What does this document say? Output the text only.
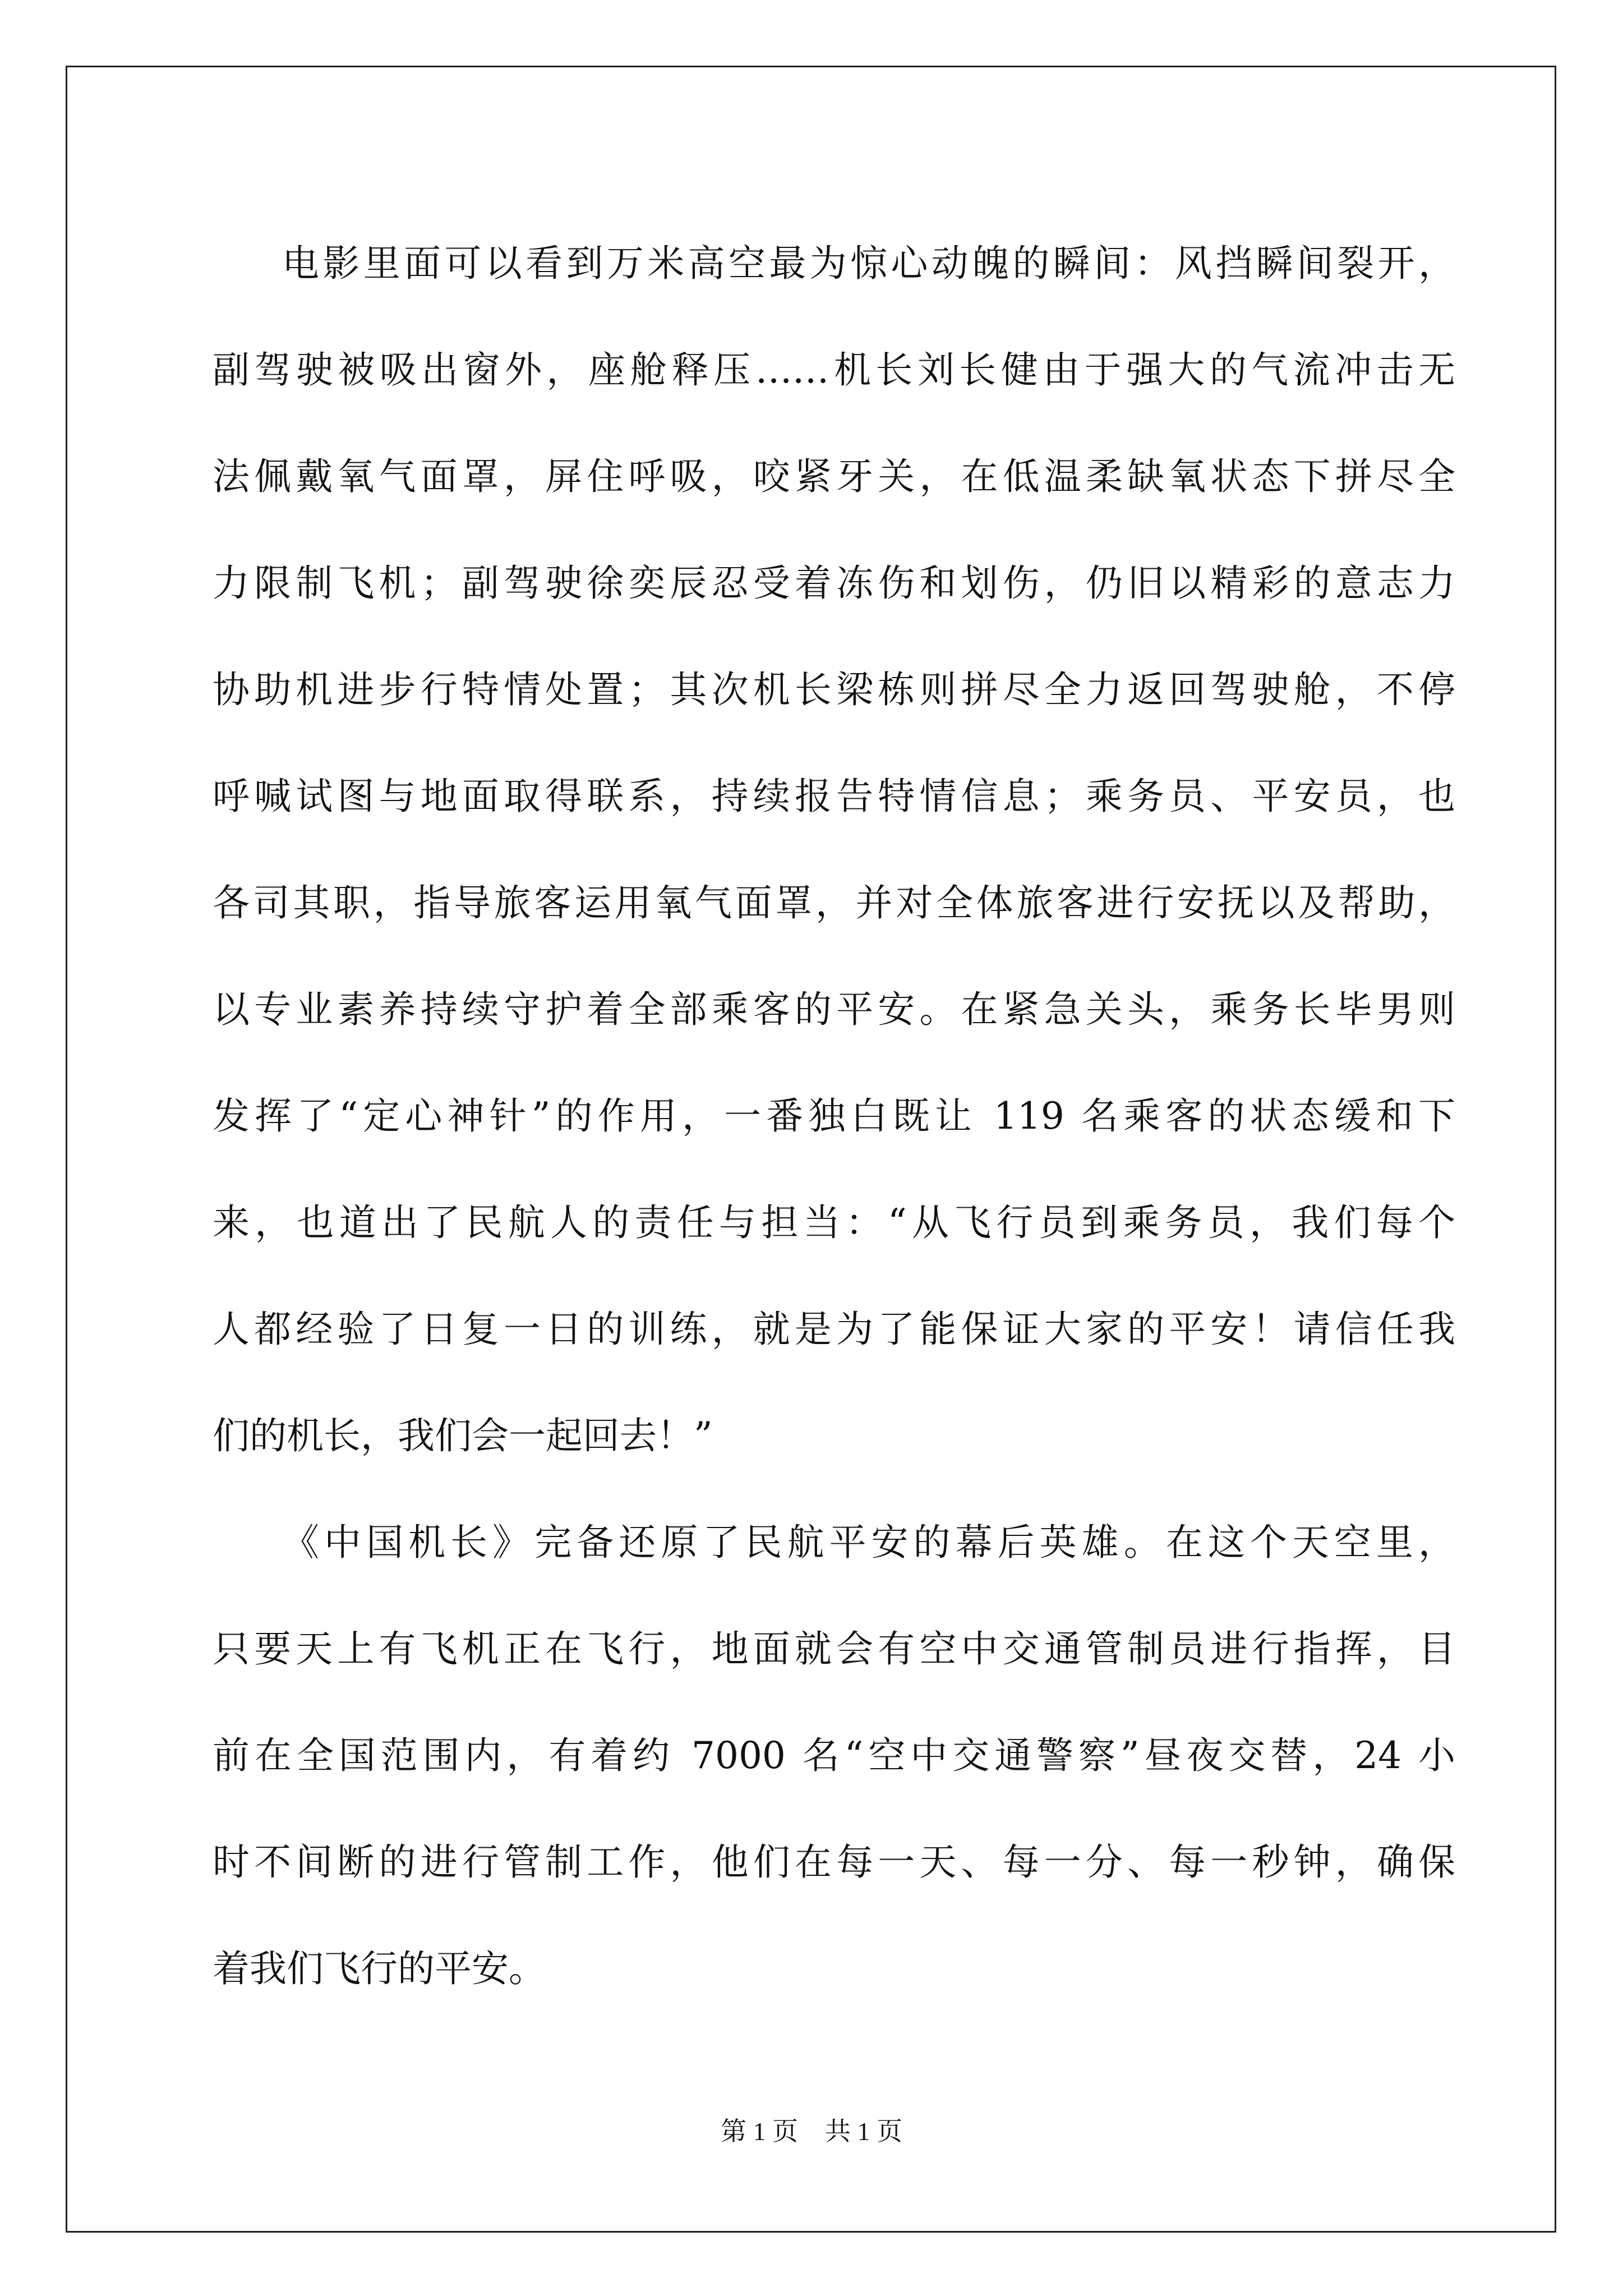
电影里面可以看到万米高空最为惊心动魄的瞬间：风挡瞬间裂开，
副驾驶被吸出窗外，座舱释压……机长刘长健由于强大的气流冲击无
法佩戴氧气面罩，屏住呼吸，咬紧牙关，在低温柔缺氧状态下拼尽全
力限制飞机；副驾驶徐奕辰忍受着冻伤和划伤，仍旧以精彩的意志力
协助机进步行特情处置；其次机长梁栋则拼尽全力返回驾驶舱，不停
呼喊试图与地面取得联系，持续报告特情信息；乘务员、平安员，也
各司其职，指导旅客运用氧气面罩，并对全体旅客进行安抚以及帮助，
以专业素养持续守护着全部乘客的平安。在紧急关头，乘务长毕男则
发挥了“定心神针”的作用，一番独白既让 119 名乘客的状态缓和下
来，也道出了民航人的责任与担当：“从飞行员到乘务员，我们每个
人都经验了日复一日的训练，就是为了能保证大家的平安！请信任我
们的机长，我们会一起回去！”
《中国机长》完备还原了民航平安的幕后英雄。在这个天空里，
只要天上有飞机正在飞行，地面就会有空中交通管制员进行指挥，目
前在全国范围内，有着约 7000 名“空中交通警察”昼夜交替，24 小
时不间断的进行管制工作，他们在每一天、每一分、每一秒钟，确保
着我们飞行的平安。
第 1 页 共 1 页
